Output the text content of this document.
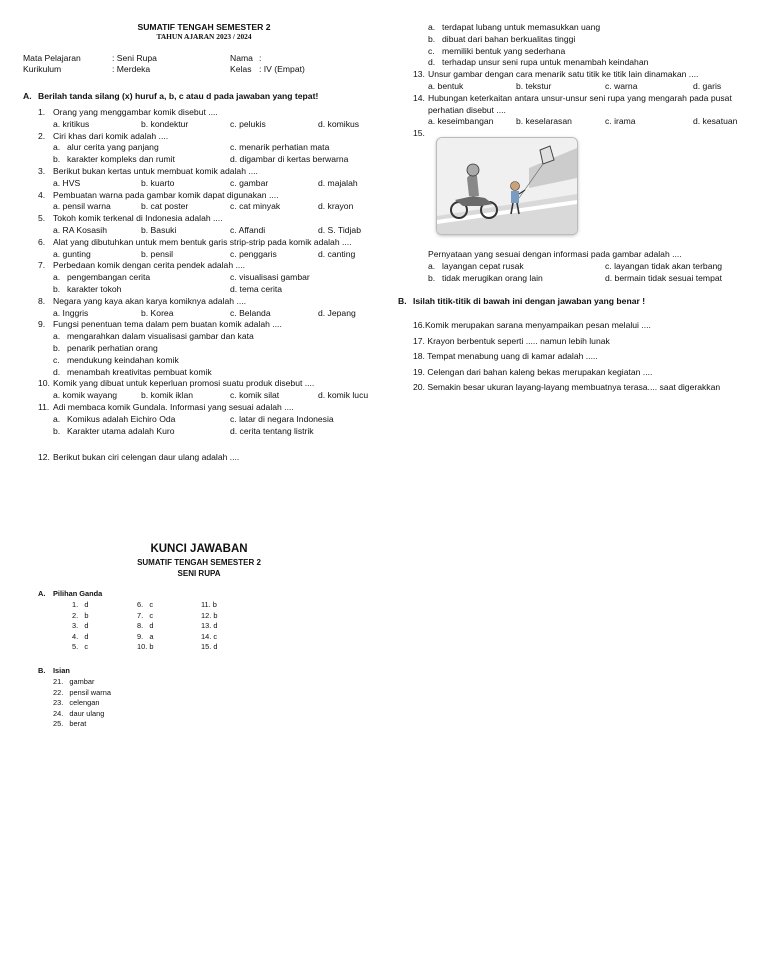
SUMATIF TENGAH SEMESTER 2
TAHUN AJARAN 2023 / 2024
Mata Pelajaran	: Seni Rupa
Kurikulum	: Merdeka
Nama :
Kelas : IV (Empat)
A. Berilah tanda silang (x) huruf a, b, c atau d pada jawaban yang tepat!
1. Orang yang menggambar komik disebut ....
a. kritikus	b. kondektur	c. pelukis	d. komikus
2. Ciri khas dari komik adalah ....
a. alur cerita yang panjang	c. menarik perhatian mata
b. karakter kompleks dan rumit	d. digambar di kertas berwarna
3. Berikut bukan kertas untuk membuat komik adalah ....
a. HVS	b. kuarto	c. gambar	d. majalah
4. Pembuatan warna pada gambar komik dapat digunakan ....
a. pensil warna	b. cat poster	c. cat minyak	d. krayon
5. Tokoh komik terkenal di Indonesia adalah ....
a. RA Kosasih	b. Basuki	c. Affandi	d. S. Tidjab
6. Alat yang dibutuhkan untuk mem bentuk garis strip-strip pada komik adalah ....
a. gunting	b. pensil	c. penggaris	d. canting
7. Perbedaan komik dengan cerita pendek adalah ....
a. pengembangan cerita	c. visualisasi gambar
b. karakter tokoh	d. tema cerita
8. Negara yang kaya akan karya komiknya adalah ....
a. Inggris	b. Korea	c. Belanda	d. Jepang
9. Fungsi penentuan tema dalam pem buatan komik adalah ....
a. mengarahkan dalam visualisasi gambar dan kata
b. penarik perhatian orang
c. mendukung keindahan komik
d. menambah kreativitas pembuat komik
10. Komik yang dibuat untuk keperluan promosi suatu produk disebut ....
a. komik wayang	b. komik iklan	c. komik silat	d. komik lucu
11. Adi membaca komik Gundala. Informasi yang sesuai adalah ....
a. Komikus adalah Eichiro Oda	c. latar di negara Indonesia
b. Karakter utama adalah Kuro	d. cerita tentang listrik
12. Berikut bukan ciri celengan daur ulang adalah ....
a. terdapat lubang untuk memasukkan uang
b. dibuat dari bahan berkualitas tinggi
c. memiliki bentuk yang sederhana
d. terhadap unsur seni rupa untuk menambah keindahan
13. Unsur gambar dengan cara menarik satu titik ke titik lain dinamakan ....
a. bentuk	b. tekstur	c. warna	d. garis
14. Hubungan keterkaitan antara unsur-unsur seni rupa yang mengarah pada pusat
perhatian disebut ....
a. keseimbangan	b. keselarasan	c. irama	d. kesatuan
15.
Pernyataan yang sesuai dengan informasi pada gambar adalah ....
a. layangan cepat rusak	c. layangan tidak akan terbang
b. tidak merugikan orang lain	d. bermain tidak sesuai tempat
B. Isilah titik-titik di bawah ini dengan jawaban yang benar !
16.Komik merupakan sarana menyampaikan pesan melalui ....
17. Krayon berbentuk seperti ..... namun lebih lunak
18. Tempat menabung uang di kamar adalah .....
19. Celengan dari bahan kaleng bekas merupakan kegiatan ....
20. Semakin besar ukuran layang-layang membuatnya terasa.... saat digerakkan
KUNCI JAWABAN
SUMATIF TENGAH SEMESTER 2
SENI RUPA
A. Pilihan Ganda
1.   d
2.   b
3.   d
4.   d
5.   c
6.   c
7.   c
8.   d
9.   a
10. b
11. b
12. b
13. d
14. c
15. d
B. Isian
21.   gambar
22.   pensil warna
23.   celengan
24.   daur ulang
25.   berat
